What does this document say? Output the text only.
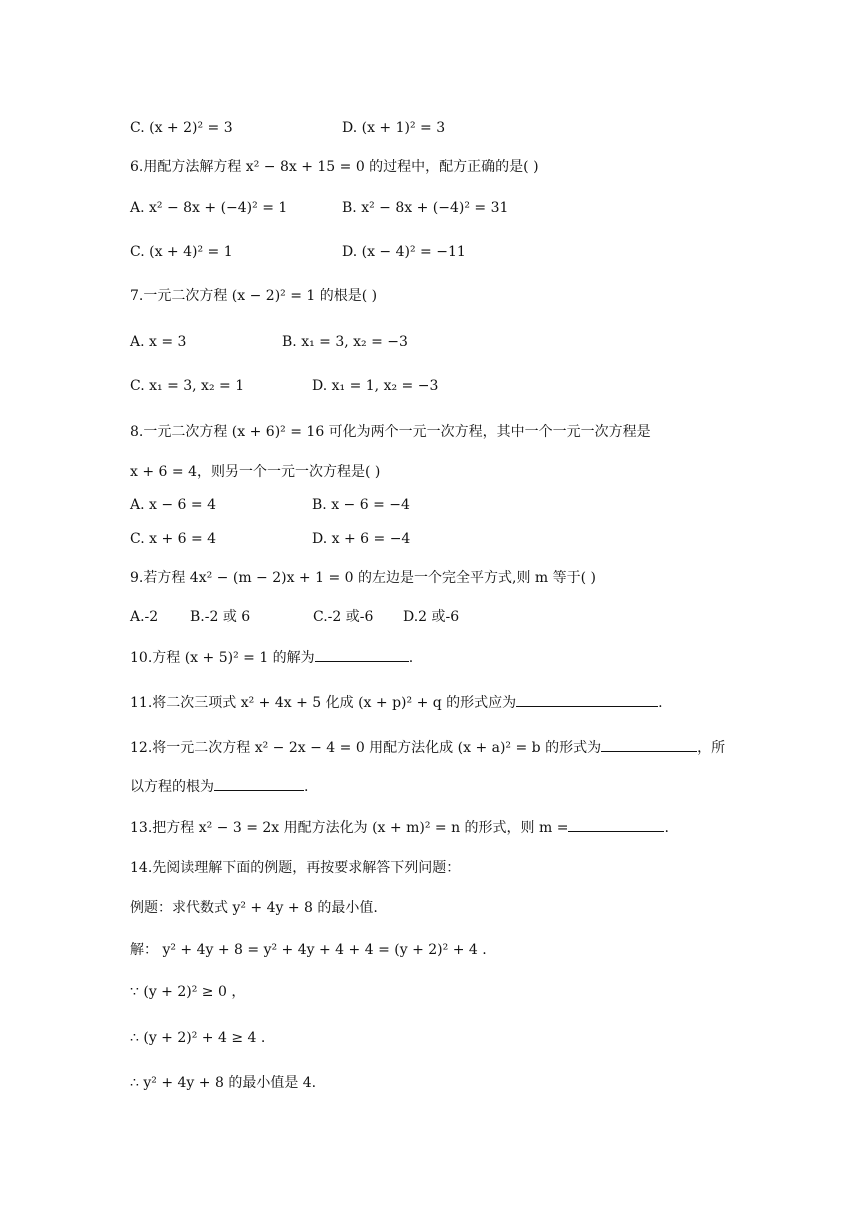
C. (x + 2)² = 3	D. (x + 1)² = 3
6.用配方法解方程 x² − 8x + 15 = 0 的过程中，配方正确的是( )
A. x² − 8x + (−4)² = 1	B. x² − 8x + (−4)² = 31
C. (x + 4)² = 1	D. (x − 4)² = −11
7.一元二次方程 (x − 2)² = 1 的根是( )
A. x = 3	B. x₁ = 3, x₂ = −3
C. x₁ = 3, x₂ = 1	D. x₁ = 1, x₂ = −3
8.一元二次方程 (x + 6)² = 16 可化为两个一元一次方程，其中一个一元一次方程是
x + 6 = 4，则另一个一元一次方程是( )
A. x − 6 = 4	B. x − 6 = −4
C. x + 6 = 4	D. x + 6 = −4
9.若方程 4x² − (m − 2)x + 1 = 0 的左边是一个完全平方式,则 m 等于( )
A.-2 B.-2 或 6	C.-2 或-6 D.2 或-6
10.方程 (x + 5)² = 1 的解为	.
11.将二次三项式 x² + 4x + 5 化成 (x + p)² + q 的形式应为	.
12.将一元二次方程 x² − 2x − 4 = 0 用配方法化成 (x + a)² = b 的形式为	，所
以方程的根为	.
13.把方程 x² − 3 = 2x 用配方法化为 (x + m)² = n 的形式，则 m =	.
14.先阅读理解下面的例题，再按要求解答下列问题：
例题：求代数式 y² + 4y + 8 的最小值.
解： y² + 4y + 8 = y² + 4y + 4 + 4 = (y + 2)² + 4 .
∵ (y + 2)² ≥ 0 ，
∴ (y + 2)² + 4 ≥ 4 .
∴ y² + 4y + 8 的最小值是 4.
